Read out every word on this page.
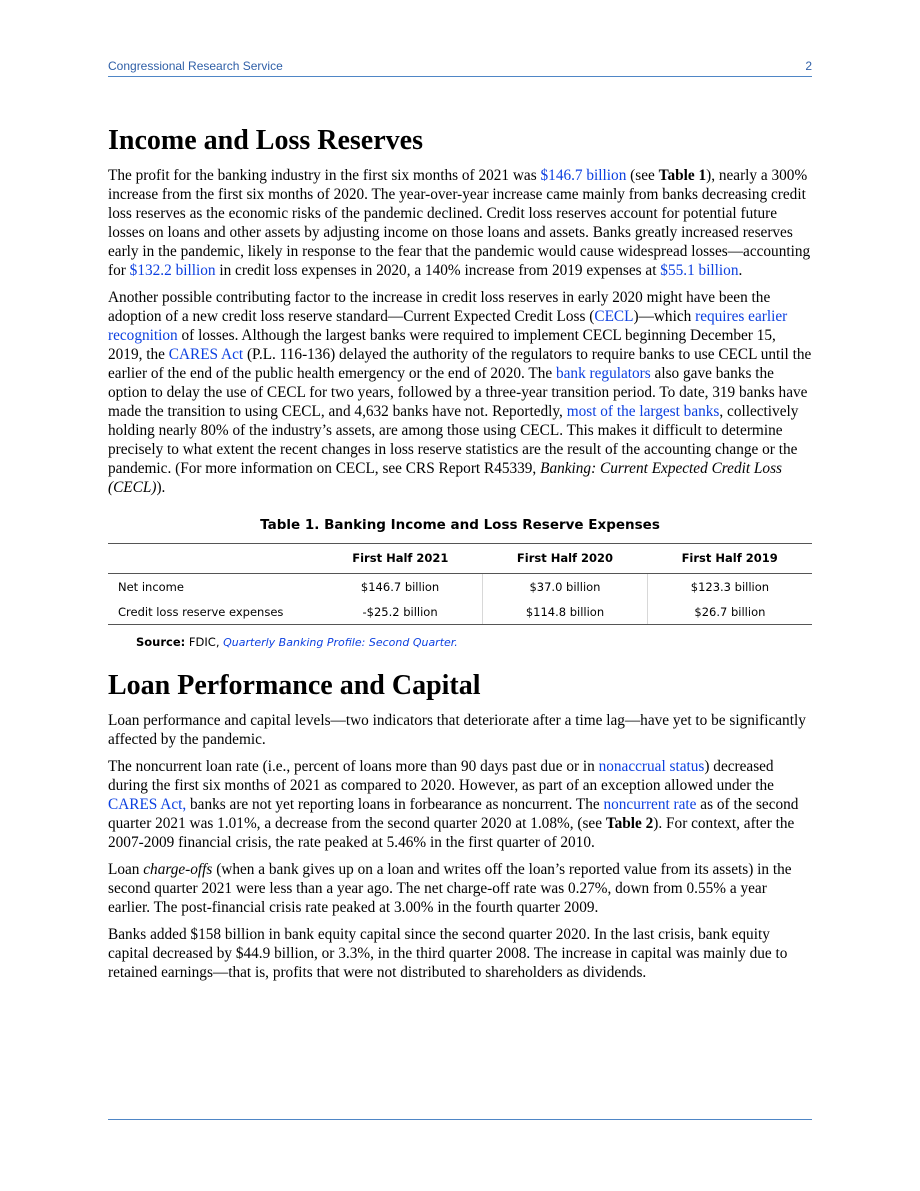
Congressional Research Service	2
Income and Loss Reserves

The profit for the banking industry in the first six months of 2021 was $146.7 billion (see Table 1), nearly a 300% increase from the first six months of 2020. The year-over-year increase came mainly from banks decreasing credit loss reserves as the economic risks of the pandemic declined. Credit loss reserves account for potential future losses on loans and other assets by adjusting income on those loans and assets. Banks greatly increased reserves early in the pandemic, likely in response to the fear that the pandemic would cause widespread losses—accounting for $132.2 billion in credit loss expenses in 2020, a 140% increase from 2019 expenses at $55.1 billion.

Another possible contributing factor to the increase in credit loss reserves in early 2020 might have been the adoption of a new credit loss reserve standard—Current Expected Credit Loss (CECL)—which requires earlier recognition of losses. Although the largest banks were required to implement CECL beginning December 15, 2019, the CARES Act (P.L. 116-136) delayed the authority of the regulators to require banks to use CECL until the earlier of the end of the public health emergency or the end of 2020. The bank regulators also gave banks the option to delay the use of CECL for two years, followed by a three-year transition period. To date, 319 banks have made the transition to using CECL, and 4,632 banks have not. Reportedly, most of the largest banks, collectively holding nearly 80% of the industry’s assets, are among those using CECL. This makes it difficult to determine precisely to what extent the recent changes in loss reserve statistics are the result of the accounting change or the pandemic. (For more information on CECL, see CRS Report R45339, Banking: Current Expected Credit Loss (CECL)).

Table 1. Banking Income and Loss Reserve Expenses
	First Half 2021	First Half 2020	First Half 2019
Net income	$146.7 billion	$37.0 billion	$123.3 billion
Credit loss reserve expenses	-$25.2 billion	$114.8 billion	$26.7 billion
Source: FDIC, Quarterly Banking Profile: Second Quarter.
Loan Performance and Capital

Loan performance and capital levels—two indicators that deteriorate after a time lag—have yet to be significantly affected by the pandemic.

The noncurrent loan rate (i.e., percent of loans more than 90 days past due or in nonaccrual status) decreased during the first six months of 2021 as compared to 2020. However, as part of an exception allowed under the CARES Act, banks are not yet reporting loans in forbearance as noncurrent. The noncurrent rate as of the second quarter 2021 was 1.01%, a decrease from the second quarter 2020 at 1.08%, (see Table 2). For context, after the 2007-2009 financial crisis, the rate peaked at 5.46% in the first quarter of 2010.

Loan charge-offs (when a bank gives up on a loan and writes off the loan’s reported value from its assets) in the second quarter 2021 were less than a year ago. The net charge-off rate was 0.27%, down from 0.55% a year earlier. The post-financial crisis rate peaked at 3.00% in the fourth quarter 2009.

Banks added $158 billion in bank equity capital since the second quarter 2020. In the last crisis, bank equity capital decreased by $44.9 billion, or 3.3%, in the third quarter 2008. The increase in capital was mainly due to retained earnings—that is, profits that were not distributed to shareholders as dividends.
